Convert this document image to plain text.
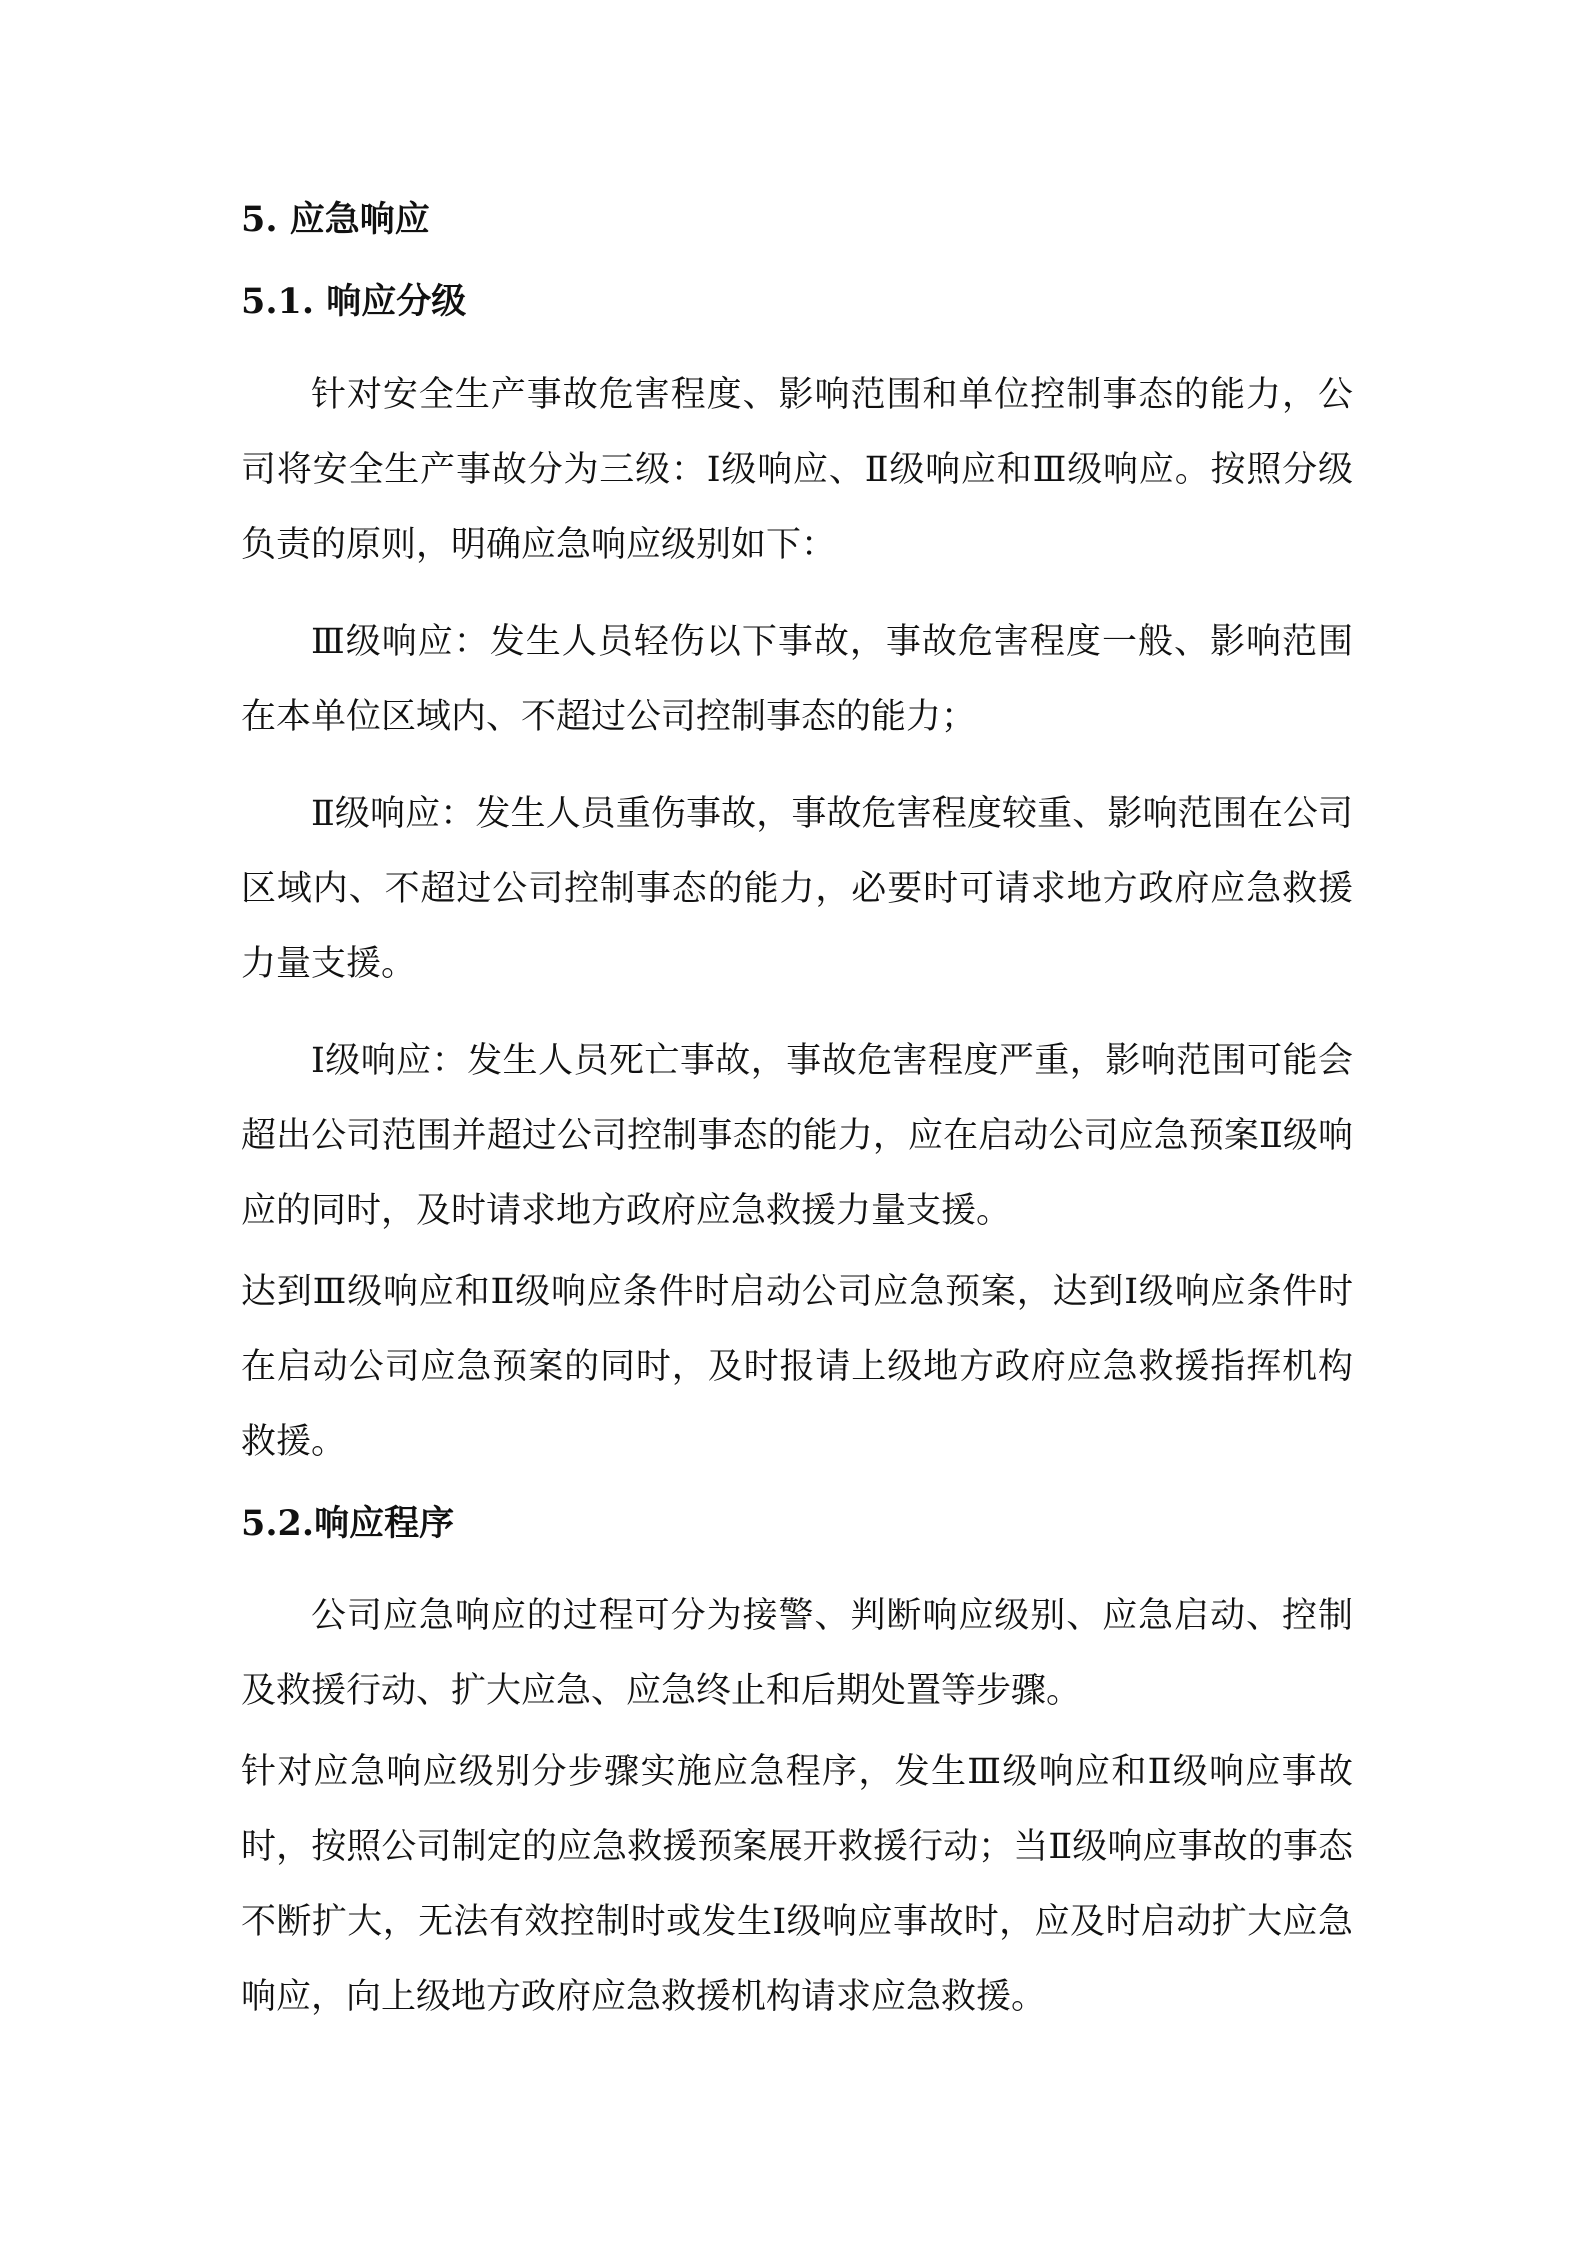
5. 应急响应
5.1. 响应分级

针对安全生产事故危害程度、影响范围和单位控制事态的能力，公司将安全生产事故分为三级：Ⅰ级响应、Ⅱ级响应和Ⅲ级响应。按照分级负责的原则，明确应急响应级别如下：

Ⅲ级响应：发生人员轻伤以下事故，事故危害程度一般、影响范围在本单位区域内、不超过公司控制事态的能力；

Ⅱ级响应：发生人员重伤事故，事故危害程度较重、影响范围在公司区域内、不超过公司控制事态的能力，必要时可请求地方政府应急救援力量支援。

Ⅰ级响应：发生人员死亡事故，事故危害程度严重，影响范围可能会超出公司范围并超过公司控制事态的能力，应在启动公司应急预案Ⅱ级响应的同时，及时请求地方政府应急救援力量支援。

达到Ⅲ级响应和Ⅱ级响应条件时启动公司应急预案，达到Ⅰ级响应条件时在启动公司应急预案的同时，及时报请上级地方政府应急救援指挥机构救援。

5.2.响应程序

公司应急响应的过程可分为接警、判断响应级别、应急启动、控制及救援行动、扩大应急、应急终止和后期处置等步骤。

针对应急响应级别分步骤实施应急程序，发生Ⅲ级响应和Ⅱ级响应事故时，按照公司制定的应急救援预案展开救援行动；当Ⅱ级响应事故的事态不断扩大，无法有效控制时或发生Ⅰ级响应事故时，应及时启动扩大应急响应，向上级地方政府应急救援机构请求应急救援。
